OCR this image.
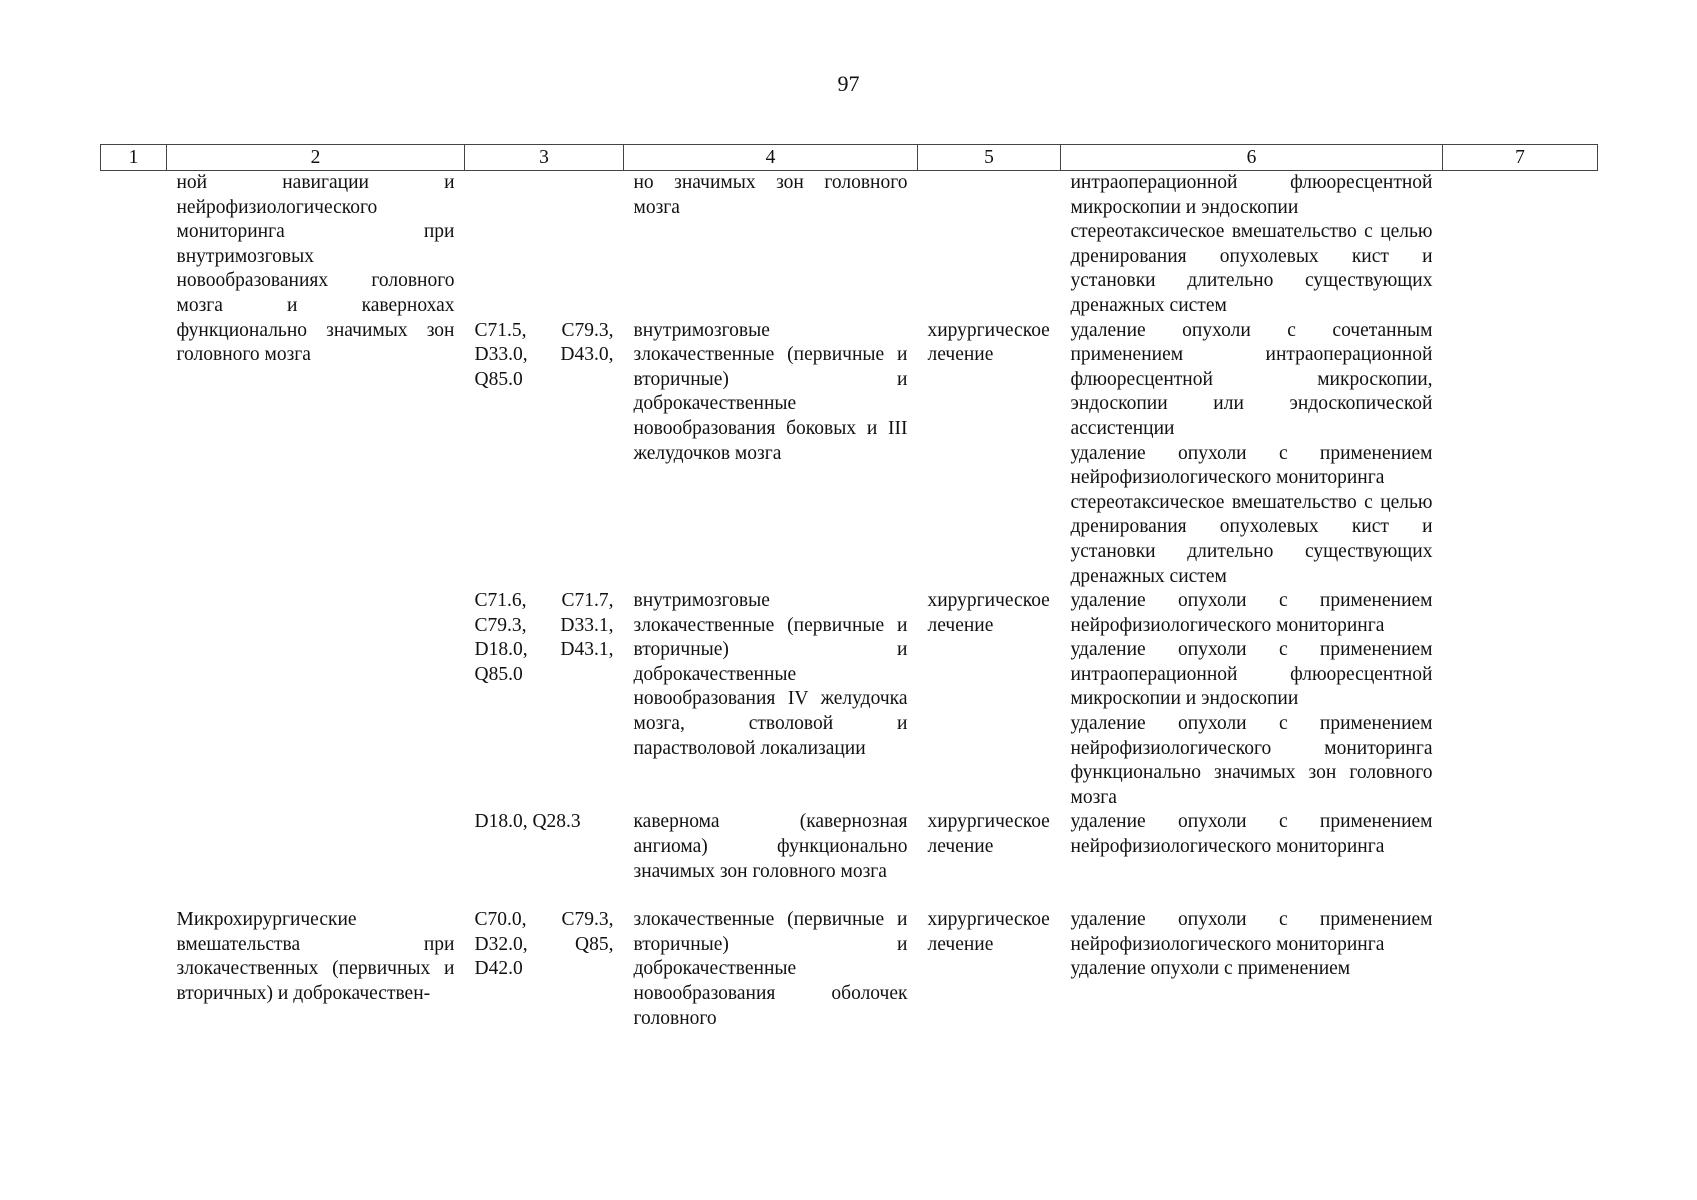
97
1	2	3	4	5	6	7

	ной навигации и нейрофизиологического мониторинга при внутримозговых новообразованиях головного мозга и кавернохах функционально значимых зон головного мозга		но значимых зон головного мозга		интраоперационной флюоресцентной микроскопии и эндоскопии
стереотаксическое вмешательство с целью дренирования опухолевых кист и установки длительно существующих дренажных систем	

		C71.5, C79.3, D33.0, D43.0, Q85.0	внутримозговые злокачественные (первичные и вторичные) и доброкачественные новообразования боковых и III желудочков мозга	хирургическое лечение	удаление опухоли с сочетанным применением интраоперационной флюоресцентной микроскопии, эндоскопии или эндоскопической ассистенции
удаление опухоли с применением нейрофизиологического мониторинга
стереотаксическое вмешательство с целью дренирования опухолевых кист и установки длительно существующих дренажных систем	

		C71.6, C71.7, C79.3, D33.1, D18.0, D43.1, Q85.0	внутримозговые злокачественные (первичные и вторичные) и доброкачественные новообразования IV желудочка мозга, стволовой и парастволовой локализации	хирургическое лечение	удаление опухоли с применением нейрофизиологического мониторинга
удаление опухоли с применением интраоперационной флюоресцентной микроскопии и эндоскопии
удаление опухоли с применением нейрофизиологического мониторинга функционально значимых зон головного мозга	

		D18.0, Q28.3	кавернома (кавернозная ангиома) функционально значимых зон головного мозга	хирургическое лечение	удаление опухоли с применением нейрофизиологического мониторинга	

	Микрохирургические вмешательства при злокачественных (первичных и вторичных) и доброкачествен-	C70.0, C79.3, D32.0, Q85, D42.0	злокачественные (первичные и вторичные) и доброкачественные новообразования оболочек головного	хирургическое лечение	удаление опухоли с применением нейрофизиологического мониторинга
удаление опухоли с применением	
